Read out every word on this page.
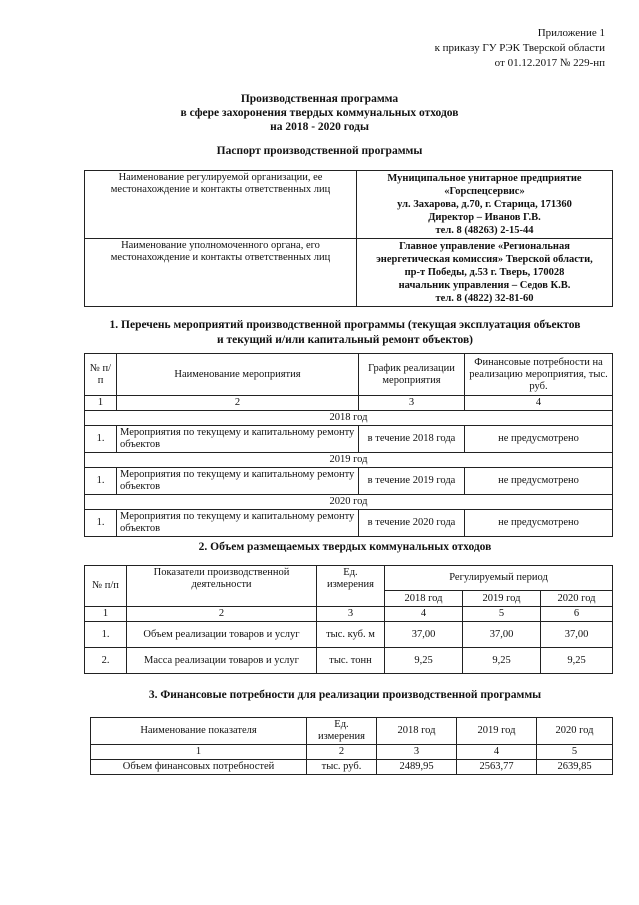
Приложение 1
к приказу ГУ РЭК Тверской области
от 01.12.2017 № 229-нп
Производственная программа
в сфере захоронения твердых коммунальных отходов
на 2018 - 2020 годы
Паспорт производственной программы
Наименование регулируемой организации, ее местонахождение и контакты ответственных лиц	Муниципальное унитарное предприятие
«Горспецсервис»
ул. Захарова, д.70, г. Старица, 171360
Директор – Иванов Г.В.
тел. 8 (48263) 2-15-44

Наименование уполномоченного органа, его местонахождение и контакты ответственных лиц	Главное управление «Региональная
энергетическая комиссия» Тверской области,
пр-т Победы, д.53 г. Тверь, 170028
начальник управления – Седов К.В.
тел. 8 (4822) 32-81-60
1. Перечень мероприятий производственной программы (текущая эксплуатация объектов
и текущий и/или капитальный ремонт объектов)
№ п/п	Наименование мероприятия	График реализации мероприятия	Финансовые потребности на реализацию мероприятия, тыс. руб.
1	2	3	4
2018 год			
1.	Мероприятия по текущему и капитальному ремонту объектов	в течение 2018 года	не предусмотрено
2019 год			
1.	Мероприятия по текущему и капитальному ремонту объектов	в течение 2019 года	не предусмотрено
2020 год			
1.	Мероприятия по текущему и капитальному ремонту объектов	в течение 2020 года	не предусмотрено
2. Объем размещаемых твердых коммунальных отходов
№ п/п	Показатели производственной деятельности	Ед. измерения	Регулируемый период		
			2018 год	2019 год	2020 год
1	2	3	4	5	6
1.	Объем реализации товаров и услуг	тыс. куб. м	37,00	37,00	37,00
2.	Масса реализации товаров и услуг	тыс. тонн	9,25	9,25	9,25
3. Финансовые потребности для реализации производственной программы
Наименование показателя	Ед. измерения	2018 год	2019 год	2020 год
1	2	3	4	5
Объем финансовых потребностей	тыс. руб.	2489,95	2563,77	2639,85
